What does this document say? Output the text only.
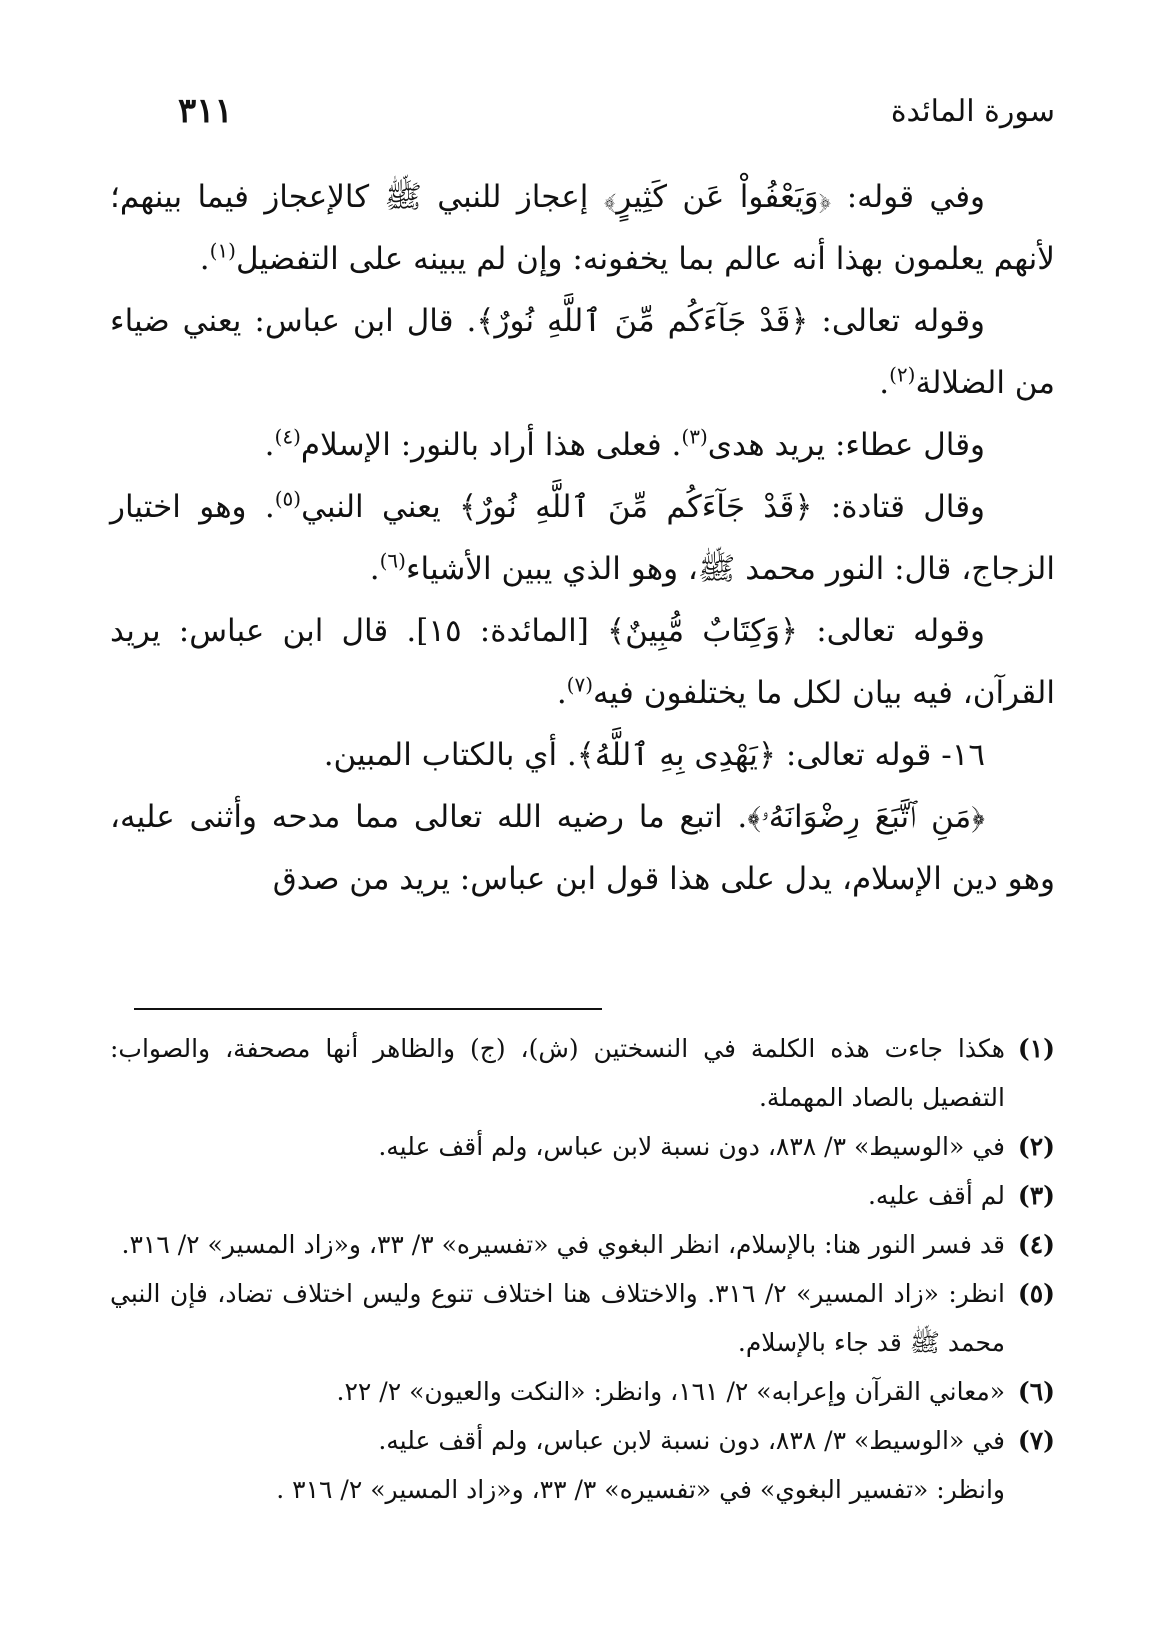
سورة المائدة
٣١١

وفي قوله: ﴿وَيَعْفُواْ عَن كَثِيرٍ﴾ إعجاز للنبي ﷺ كالإعجاز فيما بينهم؛ لأنهم يعلمون بهذا أنه عالم بما يخفونه: وإن لم يبينه على التفضيل$^{(١)}$.

وقوله تعالى: ﴿قَدْ جَآءَكُم مِّنَ ٱللَّهِ نُورٌ﴾. قال ابن عباس: يعني ضياء من الضلالة$^{(٢)}$.

وقال عطاء: يريد هدى$^{(٣)}$. فعلى هذا أراد بالنور: الإسلام$^{(٤)}$.

وقال قتادة: ﴿قَدْ جَآءَكُم مِّنَ ٱللَّهِ نُورٌ﴾ يعني النبي$^{(٥)}$. وهو اختيار الزجاج، قال: النور محمد ﷺ، وهو الذي يبين الأشياء$^{(٦)}$.

وقوله تعالى: ﴿وَكِتَابٌ مُّبِينٌ﴾ [المائدة: ١٥]. قال ابن عباس: يريد القرآن، فيه بيان لكل ما يختلفون فيه$^{(٧)}$.

١٦- قوله تعالى: ﴿يَهْدِى بِهِ ٱللَّهُ﴾. أي بالكتاب المبين.

﴿مَنِ ٱتَّبَعَ رِضْوَانَهُۥ﴾. اتبع ما رضيه الله تعالى مما مدحه وأثنى عليه، وهو دين الإسلام، يدل على هذا قول ابن عباس: يريد من صدق

(١)
هكذا جاءت هذه الكلمة في النسختين (ش)، (ج) والظاهر أنها مصحفة، والصواب: التفصيل بالصاد المهملة.
(٢)
في «الوسيط» ٣/ ٨٣٨، دون نسبة لابن عباس، ولم أقف عليه.
(٣)
لم أقف عليه.
(٤)
قد فسر النور هنا: بالإسلام، انظر البغوي في «تفسيره» ٣/ ٣٣، و«زاد المسير» ٢/ ٣١٦.
(٥)
انظر: «زاد المسير» ٢/ ٣١٦. والاختلاف هنا اختلاف تنوع وليس اختلاف تضاد، فإن النبي محمد ﷺ قد جاء بالإسلام.
(٦)
«معاني القرآن وإعرابه» ٢/ ١٦١، وانظر: «النكت والعيون» ٢/ ٢٢.
(٧)
في «الوسيط» ٣/ ٨٣٨، دون نسبة لابن عباس، ولم أقف عليه.

وانظر: «تفسير البغوي» في «تفسيره» ٣/ ٣٣، و«زاد المسير» ٢/ ٣١٦ .
